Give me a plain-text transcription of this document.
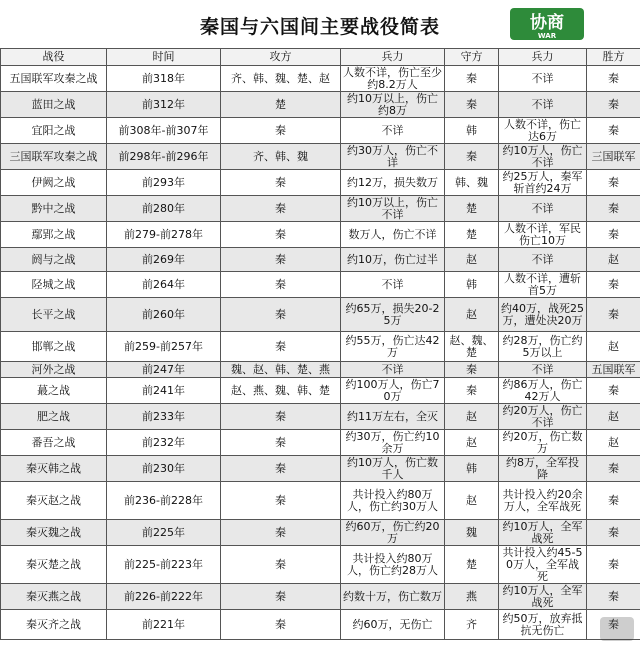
秦国与六国间主要战役简表	协商
WAR
战役	时间	攻方	兵力	守方	兵力	胜方
五国联军攻秦之战	前318年	齐、韩、魏、楚、赵	人数不详，伤亡至少约8.2万人	秦	不详	秦
蓝田之战	前312年	楚	约10万以上，伤亡约8万	秦	不详	秦
宜阳之战	前308年-前307年	秦	不详	韩	人数不详，伤亡达6万	秦
三国联军攻秦之战	前298年-前296年	齐、韩、魏	约30万人，伤亡不详	秦	约10万人，伤亡不详	三国联军
伊阙之战	前293年	秦	约12万，损失数万	韩、魏	约25万人，秦军斩首约24万	秦
黔中之战	前280年	秦	约10万以上，伤亡不详	楚	不详	秦
鄢郢之战	前279-前278年	秦	数万人，伤亡不详	楚	人数不详，军民伤亡10万	秦
阏与之战	前269年	秦	约10万，伤亡过半	赵	不详	赵
陉城之战	前264年	秦	不详	韩	人数不详，遭斩首5万	秦
长平之战	前260年	秦	约65万，损失20-25万	赵	约40万，战死25万，遭处决20万	秦
邯郸之战	前259-前257年	秦	约55万，伤亡达42万	赵、魏、楚	约28万，伤亡约5万以上	赵
河外之战	前247年	魏、赵、韩、楚、燕	不详	秦	不详	五国联军
蕞之战	前241年	赵、燕、魏、韩、楚	约100万人，伤亡70万	秦	约86万人，伤亡42万人	秦
肥之战	前233年	秦	约11万左右，全灭	赵	约20万人，伤亡不详	赵
番吾之战	前232年	秦	约30万，伤亡约10余万	赵	约20万，伤亡数万	赵
秦灭韩之战	前230年	秦	约10万人，伤亡数千人	韩	约8万，全军投降	秦
秦灭赵之战	前236-前228年	秦	共计投入约80万人，伤亡约30万人	赵	共计投入约20余万人，全军战死	秦
秦灭魏之战	前225年	秦	约60万，伤亡约20万	魏	约10万人，全军战死	秦
秦灭楚之战	前225-前223年	秦	共计投入约80万人，伤亡约28万人	楚	共计投入约45-50万人，全军战死	秦
秦灭燕之战	前226-前222年	秦	约数十万，伤亡数万	燕	约10万人，全军战死	秦
秦灭齐之战	前221年	秦	约60万，无伤亡	齐	约50万，放弃抵抗无伤亡	秦
